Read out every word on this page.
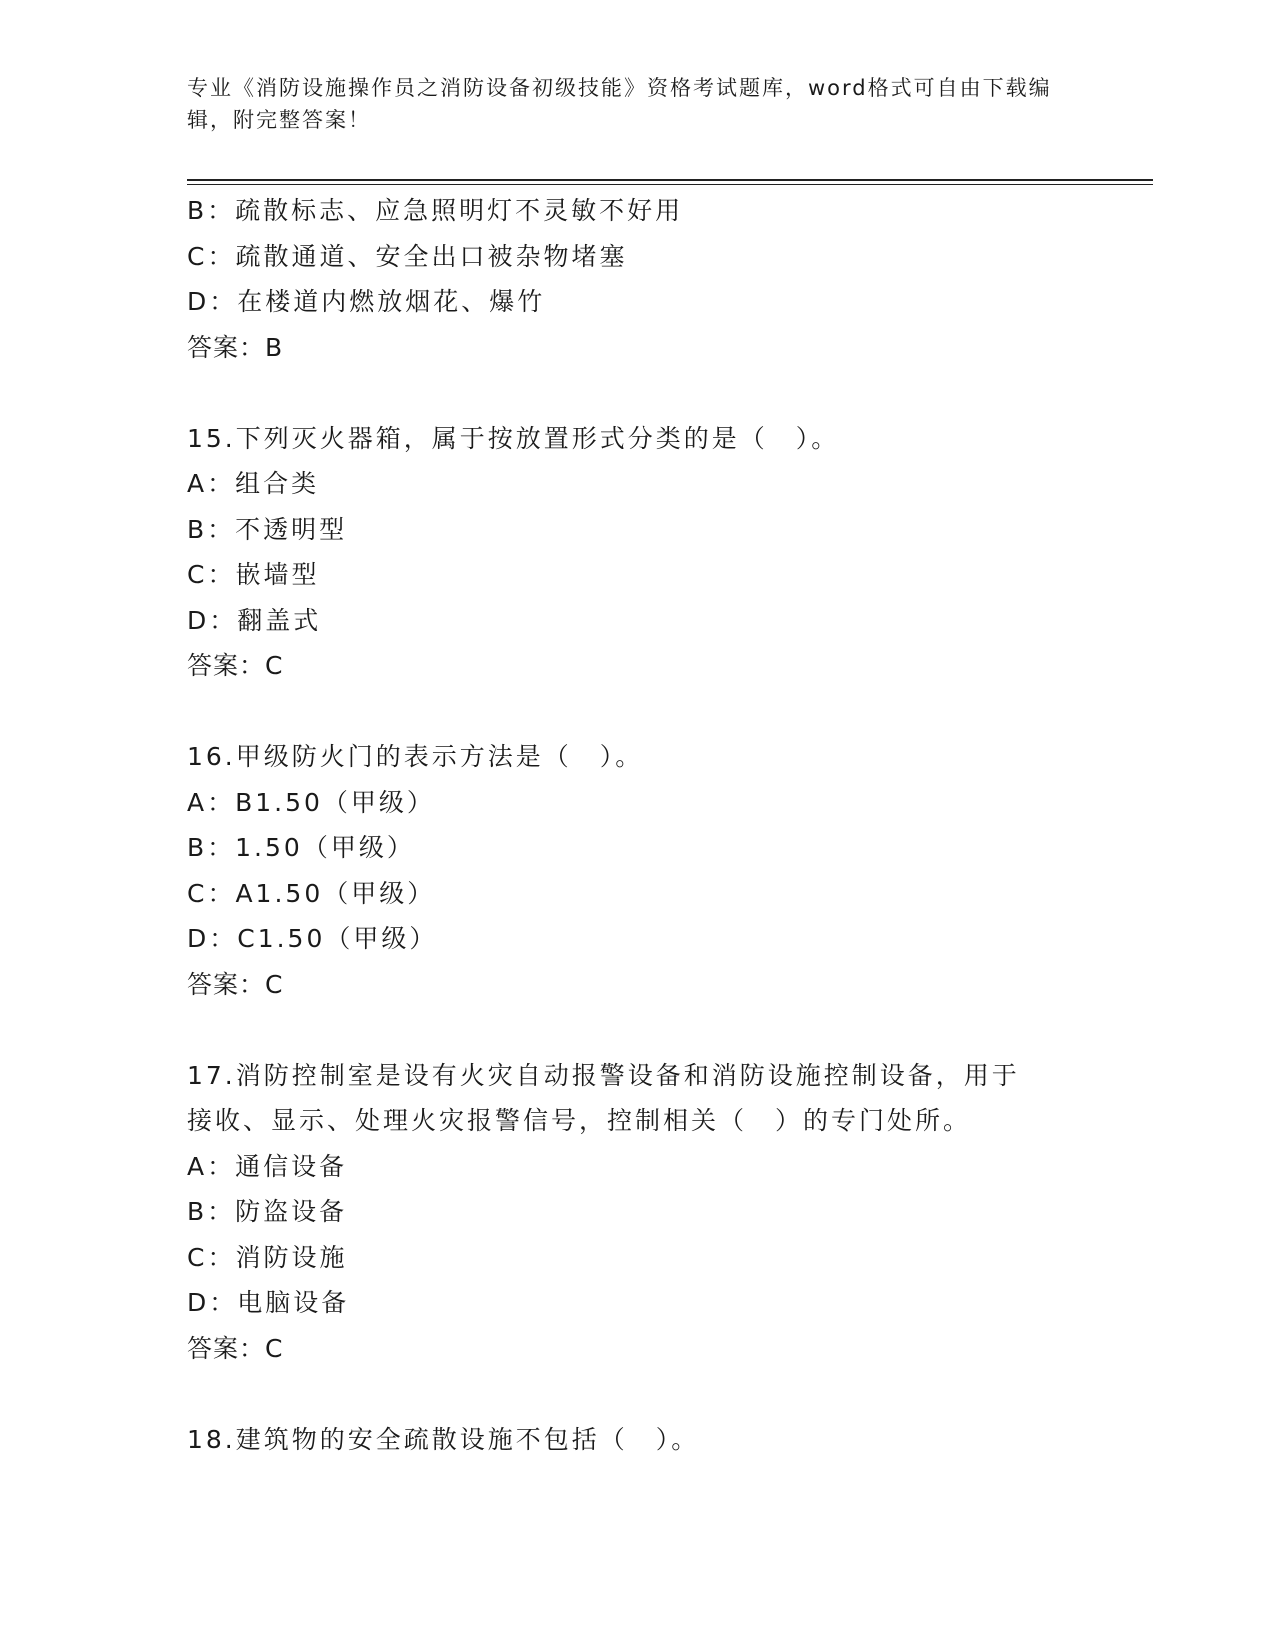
专业《消防设施操作员之消防设备初级技能》资格考试题库，word格式可自由下载编辑，附完整答案！
B：疏散标志、应急照明灯不灵敏不好用
C：疏散通道、安全出口被杂物堵塞
D：在楼道内燃放烟花、爆竹
答案：B
15.下列灭火器箱，属于按放置形式分类的是（　）。
A：组合类
B：不透明型
C：嵌墙型
D：翻盖式
答案：C
16.甲级防火门的表示方法是（　）。
A：B1.50（甲级）
B：1.50（甲级）
C：A1.50（甲级）
D：C1.50（甲级）
答案：C
17.消防控制室是设有火灾自动报警设备和消防设施控制设备，用于接收、显示、处理火灾报警信号，控制相关（　）的专门处所。
A：通信设备
B：防盗设备
C：消防设施
D：电脑设备
答案：C
18.建筑物的安全疏散设施不包括（　）。
